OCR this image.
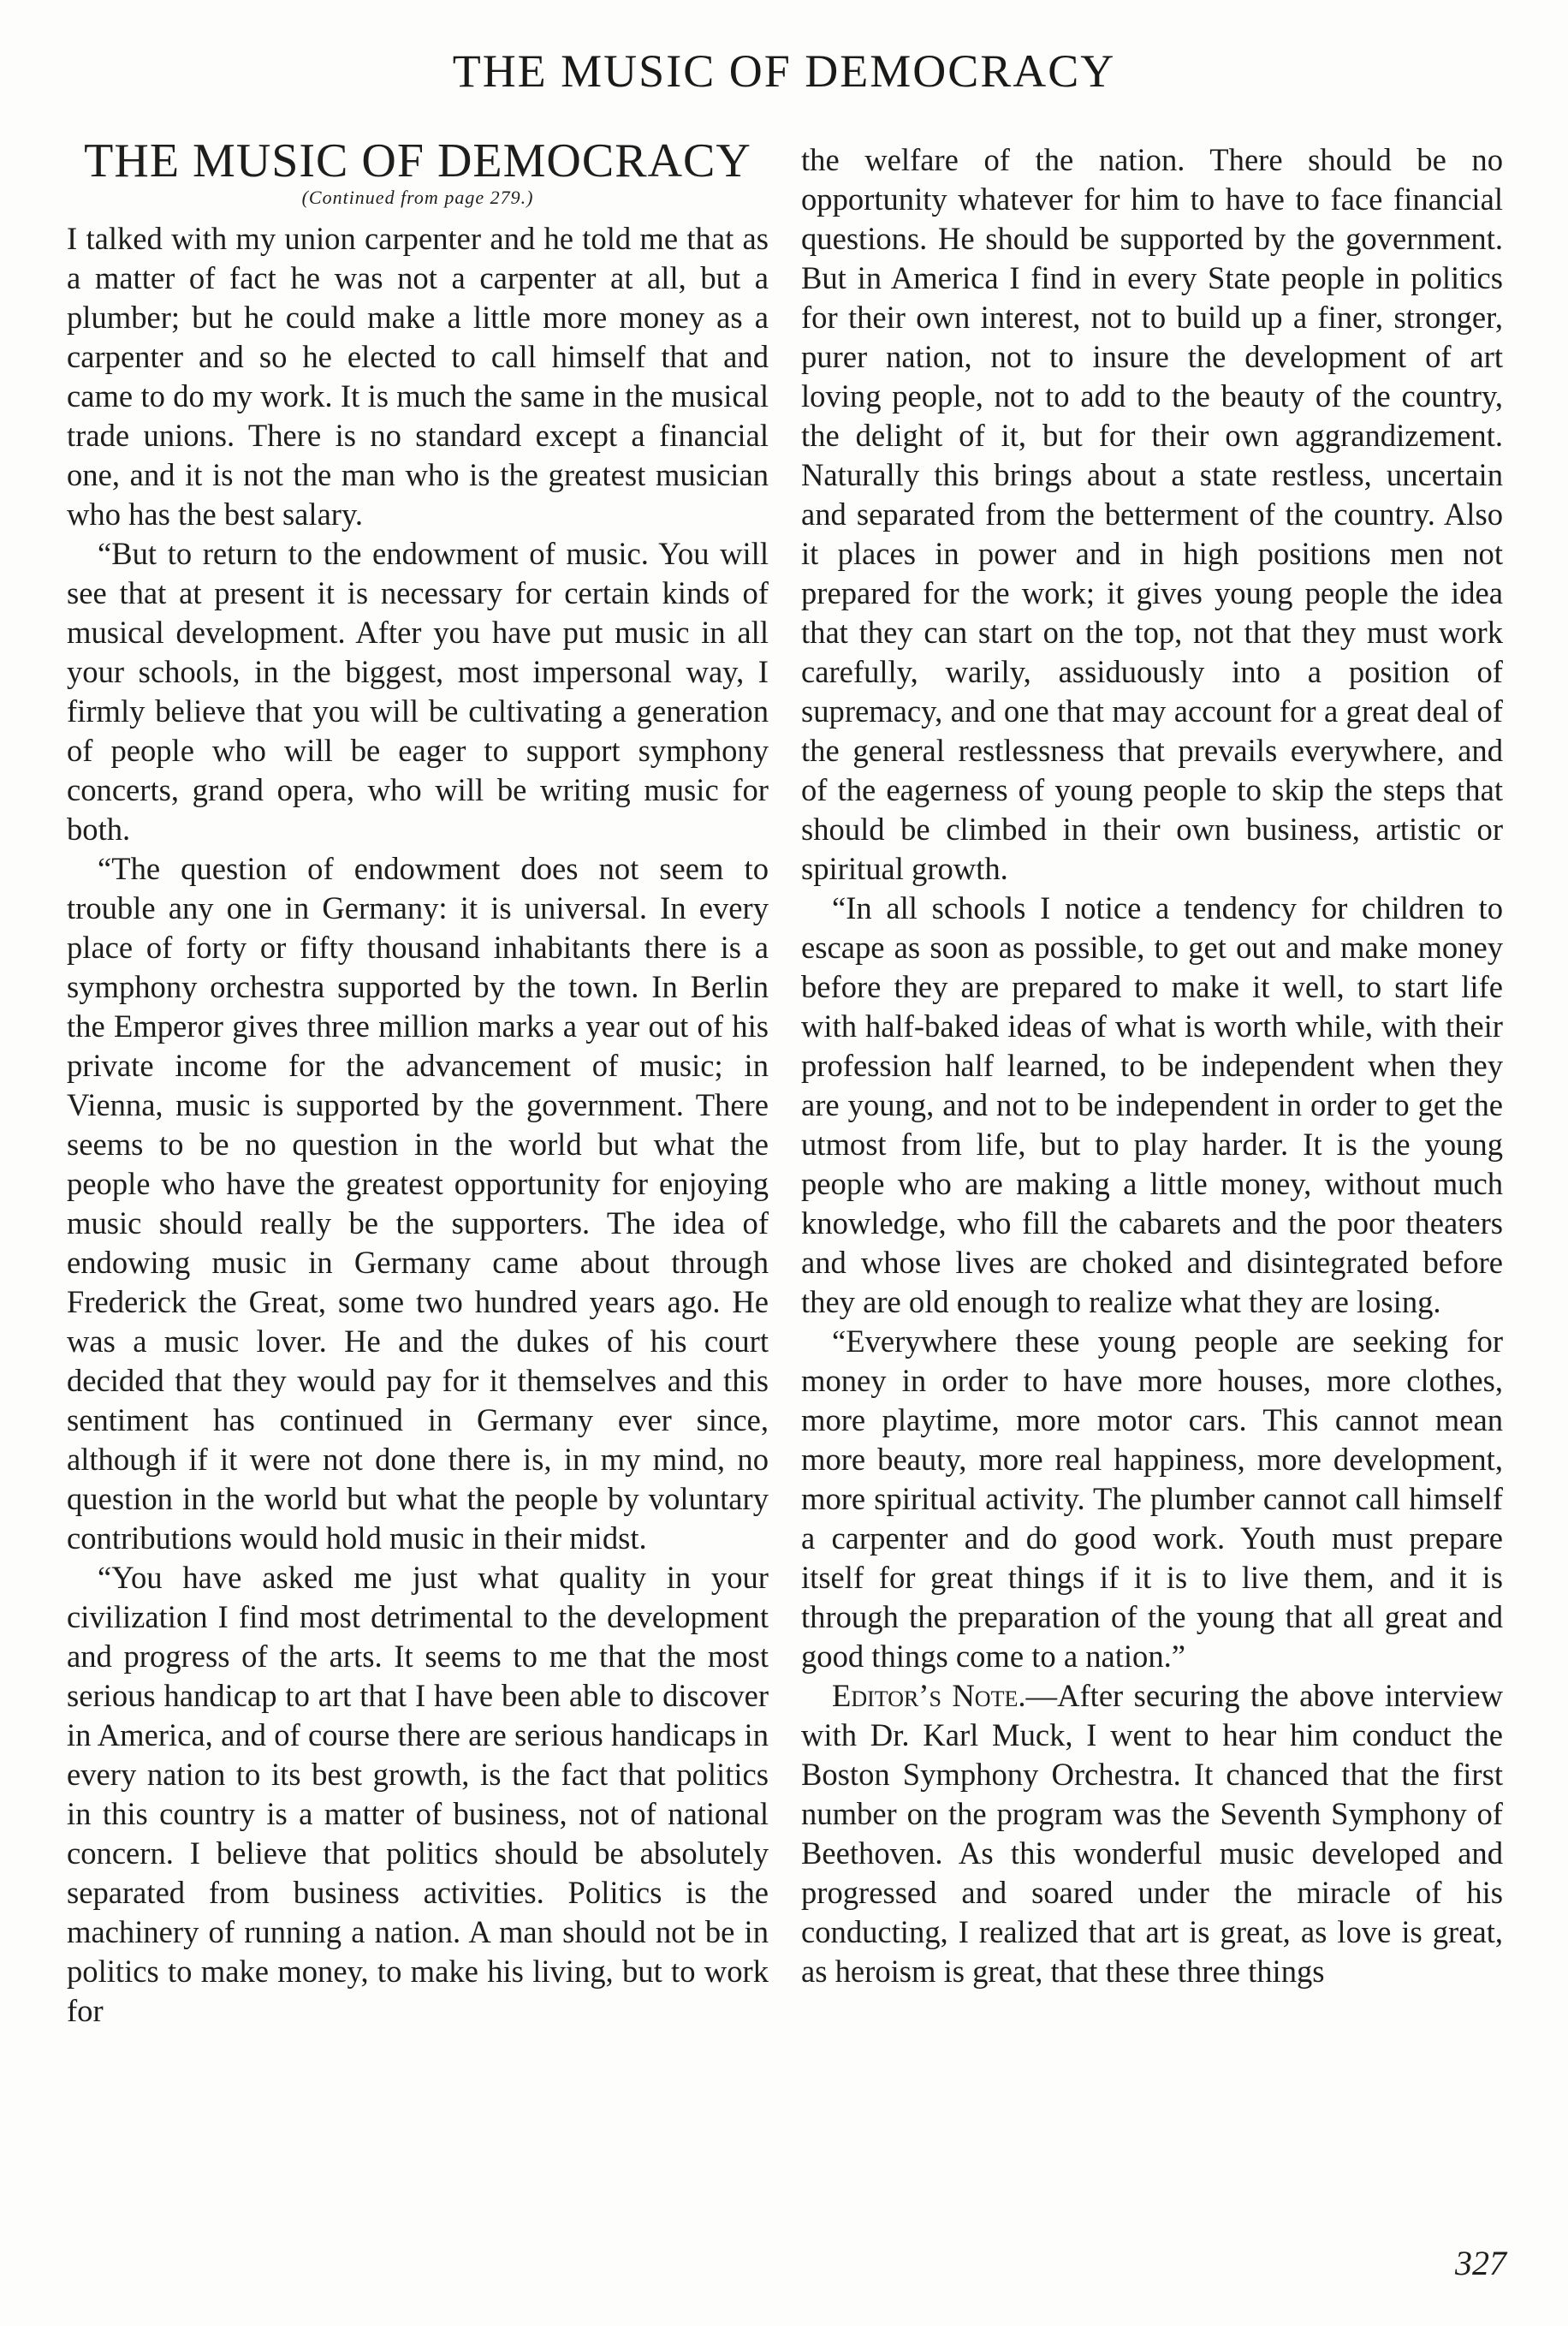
THE MUSIC OF DEMOCRACY
THE MUSIC OF DEMOCRACY
(Continued from page 279.)

I talked with my union carpenter and he told me that as a matter of fact he was not a carpenter at all, but a plumber; but he could make a little more money as a carpenter and so he elected to call himself that and came to do my work. It is much the same in the musical trade unions. There is no standard except a financial one, and it is not the man who is the greatest musician who has the best salary.

“But to return to the endowment of music. You will see that at present it is necessary for certain kinds of musical development. After you have put music in all your schools, in the biggest, most impersonal way, I firmly believe that you will be cultivating a generation of people who will be eager to support symphony concerts, grand opera, who will be writing music for both.

“The question of endowment does not seem to trouble any one in Germany: it is universal. In every place of forty or fifty thousand inhabitants there is a symphony orchestra supported by the town. In Berlin the Emperor gives three million marks a year out of his private income for the advancement of music; in Vienna, music is supported by the government. There seems to be no question in the world but what the people who have the greatest opportunity for enjoying music should really be the supporters. The idea of endowing music in Germany came about through Frederick the Great, some two hundred years ago. He was a music lover. He and the dukes of his court decided that they would pay for it themselves and this sentiment has continued in Germany ever since, although if it were not done there is, in my mind, no question in the world but what the people by voluntary contributions would hold music in their midst.

“You have asked me just what quality in your civilization I find most detrimental to the development and progress of the arts. It seems to me that the most serious handicap to art that I have been able to discover in America, and of course there are serious handicaps in every nation to its best growth, is the fact that politics in this country is a matter of business, not of national concern. I believe that politics should be absolutely separated from business activities. Politics is the machinery of running a nation. A man should not be in politics to make money, to make his living, but to work for

the welfare of the nation. There should be no opportunity whatever for him to have to face financial questions. He should be supported by the government. But in America I find in every State people in politics for their own interest, not to build up a finer, stronger, purer nation, not to insure the development of art loving people, not to add to the beauty of the country, the delight of it, but for their own aggrandizement. Naturally this brings about a state restless, uncertain and separated from the betterment of the country. Also it places in power and in high positions men not prepared for the work; it gives young people the idea that they can start on the top, not that they must work carefully, warily, assiduously into a position of supremacy, and one that may account for a great deal of the general restlessness that prevails everywhere, and of the eagerness of young people to skip the steps that should be climbed in their own business, artistic or spiritual growth.

“In all schools I notice a tendency for children to escape as soon as possible, to get out and make money before they are prepared to make it well, to start life with half-baked ideas of what is worth while, with their profession half learned, to be independent when they are young, and not to be independent in order to get the utmost from life, but to play harder. It is the young people who are making a little money, without much knowledge, who fill the cabarets and the poor theaters and whose lives are choked and disintegrated before they are old enough to realize what they are losing.

“Everywhere these young people are seeking for money in order to have more houses, more clothes, more playtime, more motor cars. This cannot mean more beauty, more real happiness, more development, more spiritual activity. The plumber cannot call himself a carpenter and do good work. Youth must prepare itself for great things if it is to live them, and it is through the preparation of the young that all great and good things come to a nation.”

Editor’s Note.—After securing the above interview with Dr. Karl Muck, I went to hear him conduct the Boston Symphony Orchestra. It chanced that the first number on the program was the Seventh Symphony of Beethoven. As this wonderful music developed and progressed and soared under the miracle of his conducting, I realized that art is great, as love is great, as heroism is great, that these three things

327
